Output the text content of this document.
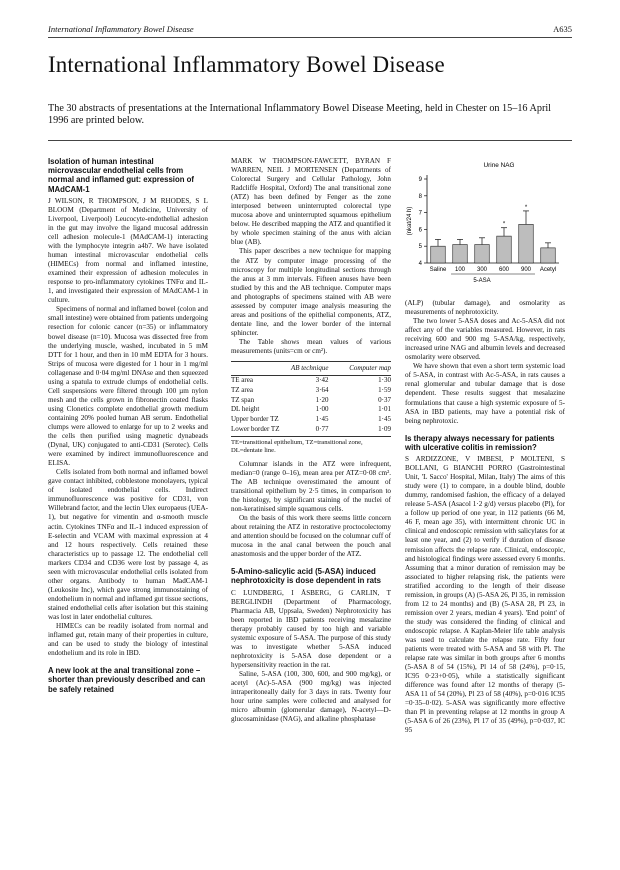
International Inflammatory Bowel Disease	A635
International Inflammatory Bowel Disease

The 30 abstracts of presentations at the International Inflammatory Bowel Disease Meeting, held in Chester on 15–16 April 1996 are printed below.

Isolation of human intestinal microvascular endothelial cells from normal and inflamed gut: expression of MAdCAM-1

J WILSON, R THOMPSON, J M RHODES, S L BLOOM (Department of Medicine, University of Liverpool, Liverpool) Leucocyte-endothelial adhesion in the gut may involve the ligand mucosal addressin cell adhesion molecule-1 (MAdCAM-1) interacting with the lymphocyte integrin a4b7. We have isolated human intestinal microvascular endothelial cells (HIMECs) from normal and inflamed intestine, examined their expression of adhesion molecules in response to pro-inflammatory cytokines TNFα and IL-1, and investigated their expression of MAdCAM-1 in culture.

Specimens of normal and inflamed bowel (colon and small intestine) were obtained from patients undergoing resection for colonic cancer (n=35) or inflammatory bowel disease (n=10). Mucosa was dissected free from the underlying muscle, washed, incubated in 5 mM DTT for 1 hour, and then in 10 mM EDTA for 3 hours. Strips of mucosa were digested for 1 hour in 1 mg/ml collagenase and 0·04 mg/ml DNAse and then squeezed using a spatula to extrude clumps of endothelial cells. Cell suspensions were filtered through 100 µm nylon mesh and the cells grown in fibronectin coated flasks using Clonetics complete endothelial growth medium containing 20% pooled human AB serum. Endothelial clumps were allowed to enlarge for up to 2 weeks and the cells then purified using magnetic dynabeads (Dynal, UK) conjugated to anti-CD31 (Serotec). Cells were examined by indirect immunofluorescence and ELISA.

Cells isolated from both normal and inflamed bowel gave contact inhibited, cobblestone monolayers, typical of isolated endothelial cells. Indirect immunofluorescence was positive for CD31, von Willebrand factor, and the lectin Ulex europaeus (UEA-1), but negative for vimentin and α-smooth muscle actin. Cytokines TNFα and IL-1 induced expression of E-selectin and VCAM with maximal expression at 4 and 12 hours respectively. Cells retained these characteristics up to passage 12. The endothelial cell markers CD34 and CD36 were lost by passage 4, as seen with microvascular endothelial cells isolated from other organs. Antibody to human MadCAM-1 (Leukosite Inc), which gave strong immunostaining of endothelium in normal and inflamed gut tissue sections, stained endothelial cells after isolation but this staining was lost in later endothelial cultures.

HIMECs can be readily isolated from normal and inflamed gut, retain many of their properties in culture, and can be used to study the biology of intestinal endothelium and its role in IBD.

A new look at the anal transitional zone – shorter than previously described and can be safely retained

MARK W THOMPSON-FAWCETT, BYRAN F WARREN, NEIL J MORTENSEN (Departments of Colorectal Surgery and Cellular Pathology, John Radcliffe Hospital, Oxford) The anal transitional zone (ATZ) has been defined by Fenger as the zone interposed between uninterrupted colorectal type mucosa above and uninterrupted squamous epithelium below. He described mapping the ATZ and quantified it by whole specimen staining of the anus with alcian blue (AB).

This paper describes a new technique for mapping the ATZ by computer image processing of the microscopy for multiple longitudinal sections through the anus at 3 mm intervals. Fifteen anuses have been studied by this and the AB technique. Computer maps and photographs of specimens stained with AB were assessed by computer image analysis measuring the areas and positions of the epithelial components, ATZ, dentate line, and the lower border of the internal sphincter.

The Table shows mean values of various measurements (units=cm or cm²).

	AB technique	Computer map
TE area	3·42	1·30
TZ area	3·64	1·59
TZ span	1·20	0·37
DL height	1·00	1·01
Upper border TZ	1·45	1·45
Lower border TZ	0·77	1·09

TE=transitional epithelium, TZ=transitional zone, DL=dentate line.

Columnar islands in the ATZ were infrequent, median=0 (range 0–16), mean area per ATZ=0·08 cm². The AB technique overestimated the amount of transitional epithelium by 2·5 times, in comparison to the histology, by significant staining of the nuclei of non-keratinised simple squamous cells.

On the basis of this work there seems little concern about retaining the ATZ in restorative proctocolectomy and attention should be focused on the columnar cuff of mucosa in the anal canal between the pouch anal anastomosis and the upper border of the ATZ.

5-Amino-salicylic acid (5-ASA) induced nephrotoxicity is dose dependent in rats

C LUNDBERG, I ÅSBERG, G CARLIN, T BERGLINDH (Department of Pharmacology, Pharmacia AB, Uppsala, Sweden) Nephrotoxicity has been reported in IBD patients receiving mesalazine therapy probably caused by too high and variable systemic exposure of 5-ASA. The purpose of this study was to investigate whether 5-ASA induced nephrotoxicity is 5-ASA dose dependent or a hypersensitivity reaction in the rat.

Saline, 5-ASA (100, 300, 600, and 900 mg/kg), or acetyl (Ac)-5-ASA (900 mg/kg) was injected intraperitoneally daily for 3 days in rats. Twenty four hour urine samples were collected and analysed for micro albumin (glomerular damage), N-acetyl—D-glucosaminidase (NAG), and alkaline phosphatase

Urine NAG
(nkat/24 h)
4
5
6
7
8
9
Saline 100 300
*
600
*
900 Acetyl
5-ASA

(ALP) (tubular damage), and osmolarity as measurements of nephrotoxicity.

The two lower 5-ASA doses and Ac-5-ASA did not affect any of the variables measured. However, in rats receiving 600 and 900 mg 5-ASA/kg, respectively, increased urine NAG and albumin levels and decreased osmolarity were observed.

We have shown that even a short term systemic load of 5-ASA, in contrast with Ac-5-ASA, in rats causes a renal glomerular and tubular damage that is dose dependent. These results suggest that mesalazine formulations that cause a high systemic exposure of 5-ASA in IBD patients, may have a potential risk of being nephrotoxic.

Is therapy always necessary for patients with ulcerative colitis in remission?

S ARDIZZONE, V IMBESI, P MOLTENI, S BOLLANI, G BIANCHI PORRO (Gastrointestinal Unit, 'L Sacco' Hospital, Milan, Italy) The aims of this study were (1) to compare, in a double blind, double dummy, randomised fashion, the efficacy of a delayed release 5-ASA (Asacol 1·2 g/d) versus placebo (Pl), for a follow up period of one year, in 112 patients (66 M, 46 F, mean age 35), with intermittent chronic UC in clinical and endoscopic remission with salicylates for at least one year, and (2) to verify if duration of disease remission affects the relapse rate. Clinical, endoscopic, and histological findings were assessed every 6 months. Assuming that a minor duration of remission may be associated to higher relapsing risk, the patients were stratified according to the length of their disease remission, in groups (A) (5-ASA 26, Pl 35, in remission from 12 to 24 months) and (B) (5-ASA 28, Pl 23, in remission over 2 years, median 4 years). 'End point' of the study was considered the finding of clinical and endoscopic relapse. A Kaplan-Meier life table analysis was used to calculate the relapse rate. Fifty four patients were treated with 5-ASA and 58 with Pl. The relapse rate was similar in both groups after 6 months (5-ASA 8 of 54 (15%), Pl 14 of 58 (24%), p=0·15, IC95 0·23+0·05), while a statistically significant difference was found after 12 months of therapy (5-ASA 11 of 54 (20%), Pl 23 of 58 (40%), p=0·016 IC95 =0·35–0·02). 5-ASA was significantly more effective than Pl in preventing relapse at 12 months in group A (5-ASA 6 of 26 (23%), Pl 17 of 35 (49%), p=0·037, IC 95
